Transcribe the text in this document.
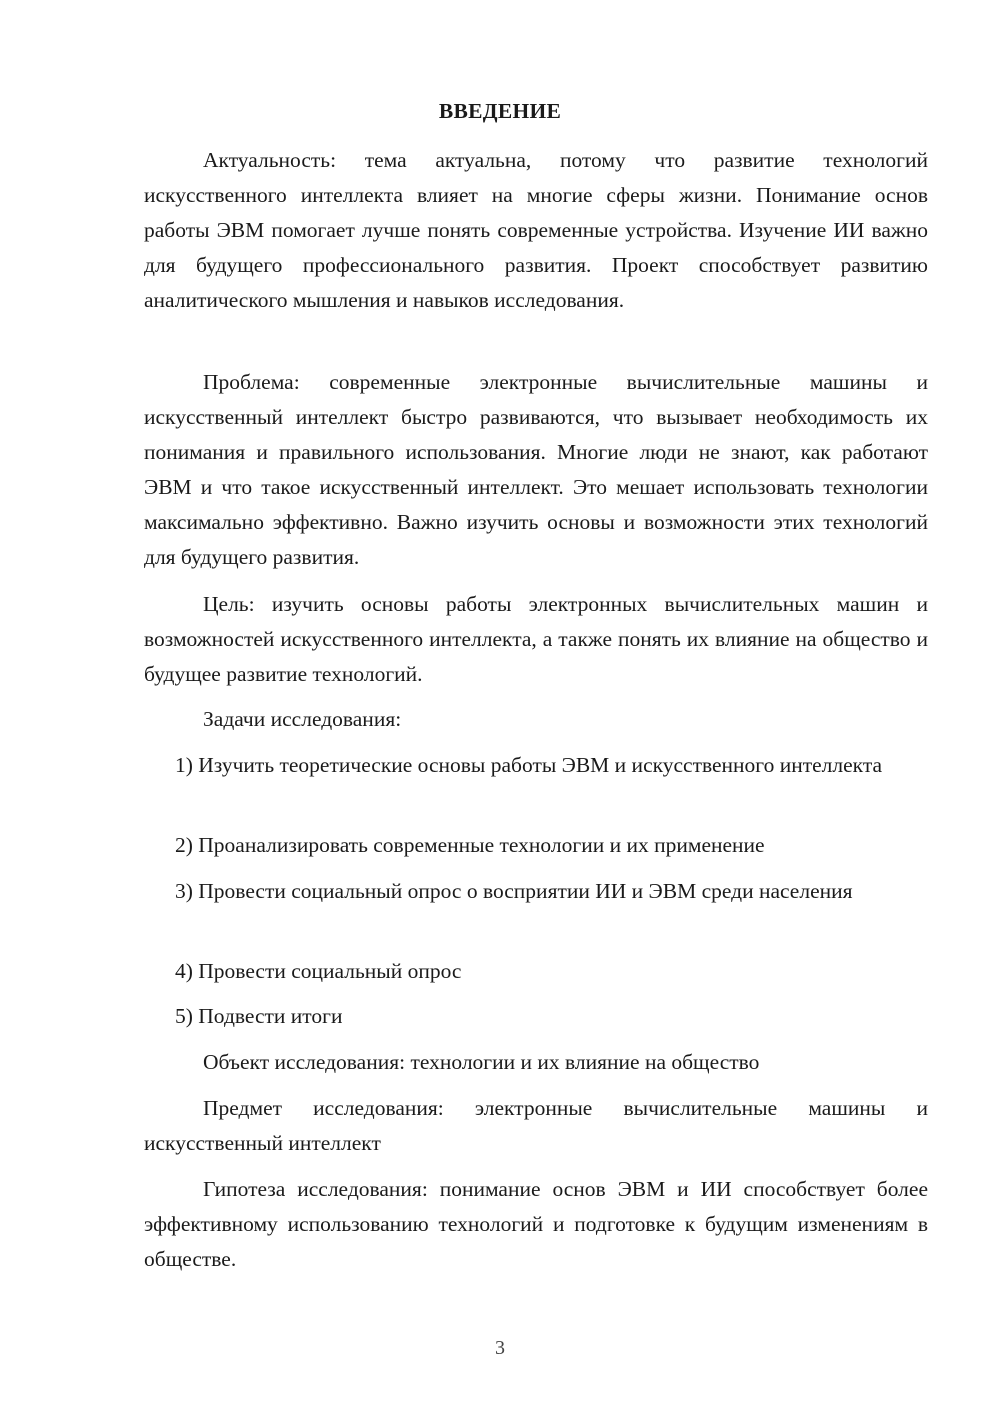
ВВЕДЕНИЕ

Актуальность: тема актуальна, потому что развитие технологий искусственного интеллекта влияет на многие сферы жизни. Понимание основ работы ЭВМ помогает лучше понять современные устройства. Изучение ИИ важно для будущего профессионального развития. Проект способствует развитию аналитического мышления и навыков исследования.

Проблема: современные электронные вычислительные машины и искусственный интеллект быстро развиваются, что вызывает необходимость их понимания и правильного использования. Многие люди не знают, как работают ЭВМ и что такое искусственный интеллект. Это мешает использовать технологии максимально эффективно. Важно изучить основы и возможности этих технологий для будущего развития.

Цель: изучить основы работы электронных вычислительных машин и возможностей искусственного интеллекта, а также понять их влияние на общество и будущее развитие технологий.

Задачи исследования:

1) Изучить теоретические основы работы ЭВМ и искусственного интеллекта

2) Проанализировать современные технологии и их применение

3) Провести социальный опрос о восприятии ИИ и ЭВМ среди населения

4) Провести социальный опрос

5) Подвести итоги

Объект исследования: технологии и их влияние на общество

Предмет исследования: электронные вычислительные машины и искусственный интеллект

Гипотеза исследования: понимание основ ЭВМ и ИИ способствует более эффективному использованию технологий и подготовке к будущим изменениям в обществе.

3
